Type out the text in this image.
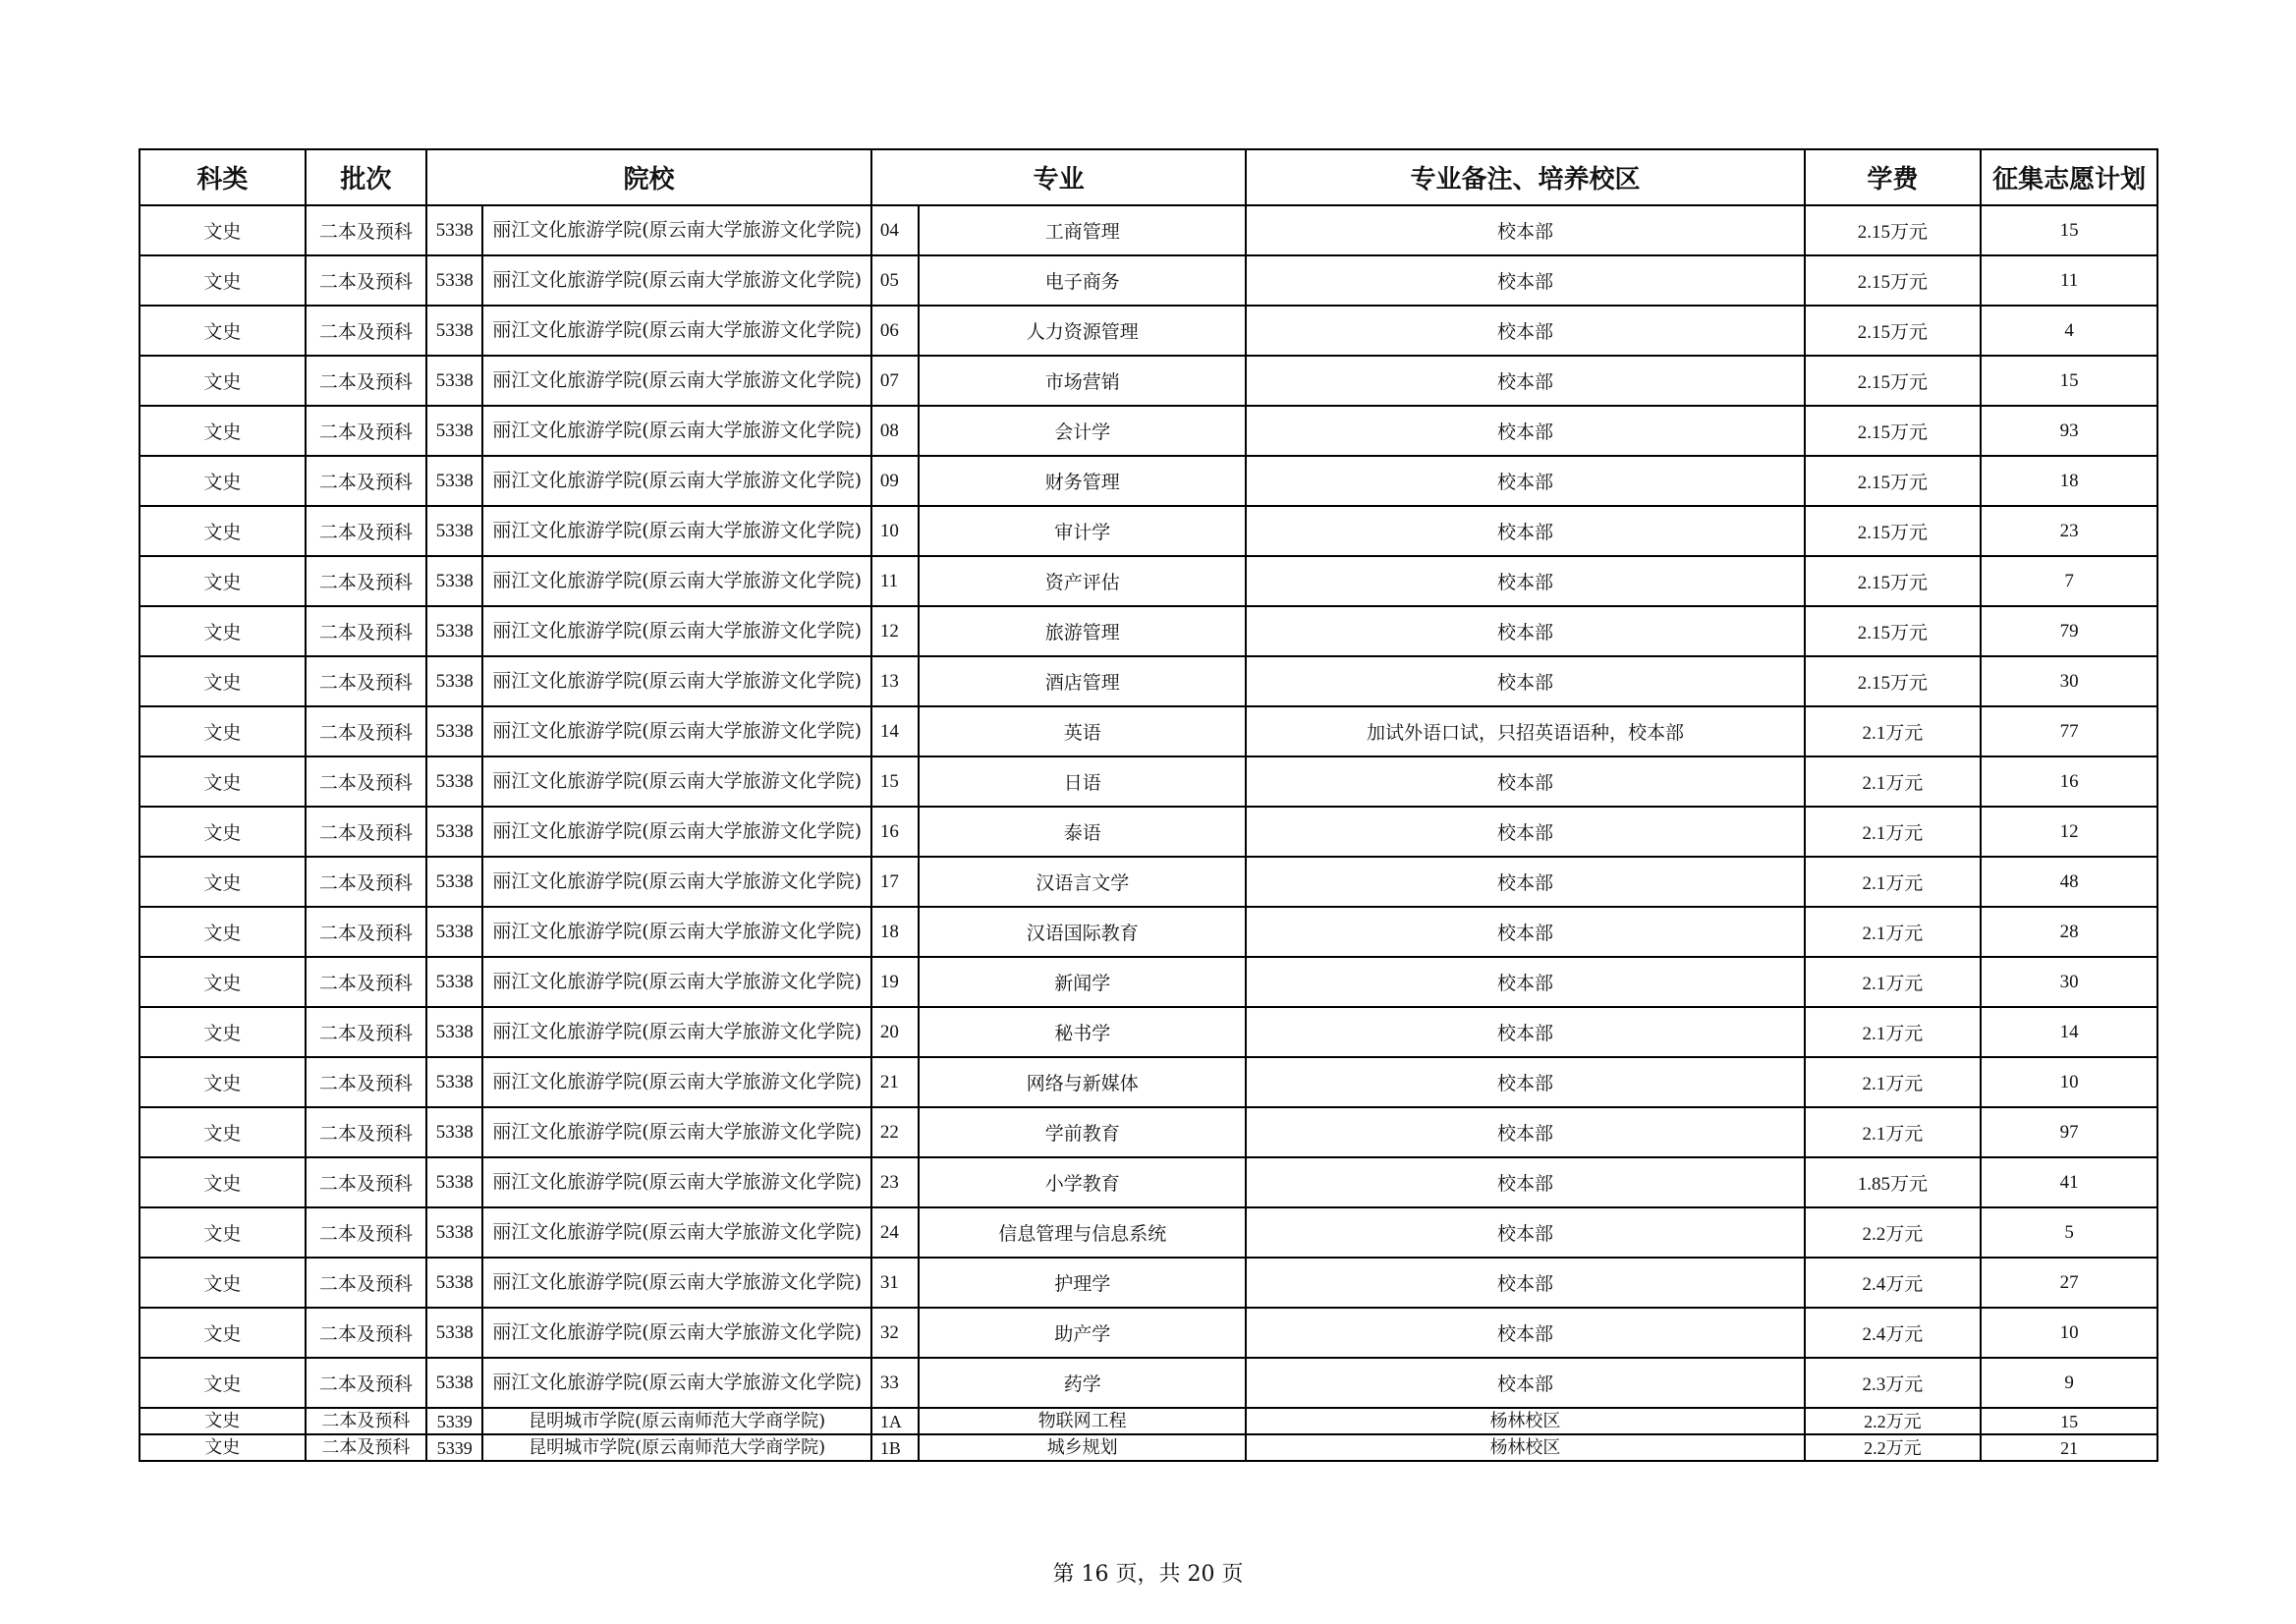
科类	批次	院校		专业		专业备注、培养校区	学费	征集志愿计划
文史	二本及预科	5338	丽江文化旅游学院(原云南大学旅游文化学院)	04	工商管理	校本部	2.15万元	15
文史	二本及预科	5338	丽江文化旅游学院(原云南大学旅游文化学院)	05	电子商务	校本部	2.15万元	11
文史	二本及预科	5338	丽江文化旅游学院(原云南大学旅游文化学院)	06	人力资源管理	校本部	2.15万元	4
文史	二本及预科	5338	丽江文化旅游学院(原云南大学旅游文化学院)	07	市场营销	校本部	2.15万元	15
文史	二本及预科	5338	丽江文化旅游学院(原云南大学旅游文化学院)	08	会计学	校本部	2.15万元	93
文史	二本及预科	5338	丽江文化旅游学院(原云南大学旅游文化学院)	09	财务管理	校本部	2.15万元	18
文史	二本及预科	5338	丽江文化旅游学院(原云南大学旅游文化学院)	10	审计学	校本部	2.15万元	23
文史	二本及预科	5338	丽江文化旅游学院(原云南大学旅游文化学院)	11	资产评估	校本部	2.15万元	7
文史	二本及预科	5338	丽江文化旅游学院(原云南大学旅游文化学院)	12	旅游管理	校本部	2.15万元	79
文史	二本及预科	5338	丽江文化旅游学院(原云南大学旅游文化学院)	13	酒店管理	校本部	2.15万元	30
文史	二本及预科	5338	丽江文化旅游学院(原云南大学旅游文化学院)	14	英语	加试外语口试，只招英语语种，校本部	2.1万元	77
文史	二本及预科	5338	丽江文化旅游学院(原云南大学旅游文化学院)	15	日语	校本部	2.1万元	16
文史	二本及预科	5338	丽江文化旅游学院(原云南大学旅游文化学院)	16	泰语	校本部	2.1万元	12
文史	二本及预科	5338	丽江文化旅游学院(原云南大学旅游文化学院)	17	汉语言文学	校本部	2.1万元	48
文史	二本及预科	5338	丽江文化旅游学院(原云南大学旅游文化学院)	18	汉语国际教育	校本部	2.1万元	28
文史	二本及预科	5338	丽江文化旅游学院(原云南大学旅游文化学院)	19	新闻学	校本部	2.1万元	30
文史	二本及预科	5338	丽江文化旅游学院(原云南大学旅游文化学院)	20	秘书学	校本部	2.1万元	14
文史	二本及预科	5338	丽江文化旅游学院(原云南大学旅游文化学院)	21	网络与新媒体	校本部	2.1万元	10
文史	二本及预科	5338	丽江文化旅游学院(原云南大学旅游文化学院)	22	学前教育	校本部	2.1万元	97
文史	二本及预科	5338	丽江文化旅游学院(原云南大学旅游文化学院)	23	小学教育	校本部	1.85万元	41
文史	二本及预科	5338	丽江文化旅游学院(原云南大学旅游文化学院)	24	信息管理与信息系统	校本部	2.2万元	5
文史	二本及预科	5338	丽江文化旅游学院(原云南大学旅游文化学院)	31	护理学	校本部	2.4万元	27
文史	二本及预科	5338	丽江文化旅游学院(原云南大学旅游文化学院)	32	助产学	校本部	2.4万元	10
文史	二本及预科	5338	丽江文化旅游学院(原云南大学旅游文化学院)	33	药学	校本部	2.3万元	9
文史	二本及预科	5339	昆明城市学院(原云南师范大学商学院)	1A	物联网工程	杨林校区	2.2万元	15
文史	二本及预科	5339	昆明城市学院(原云南师范大学商学院)	1B	城乡规划	杨林校区	2.2万元	21
第 16 页，共 20 页
